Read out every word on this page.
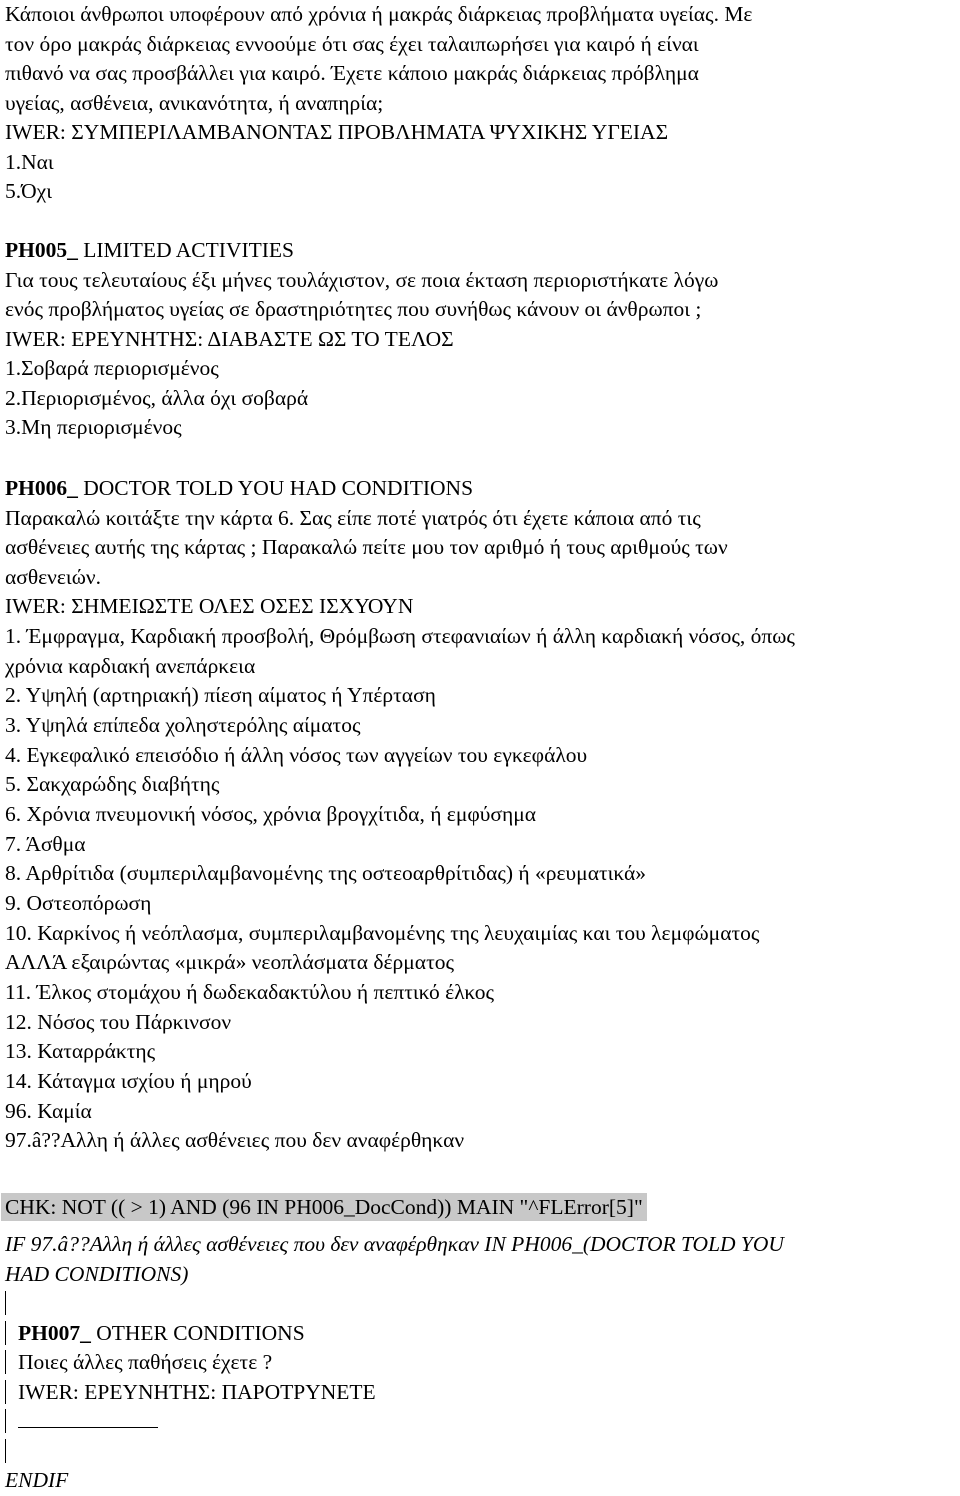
Κάποιοι άνθρωποι υποφέρουν από χρόνια ή μακράς διάρκειας προβλήματα υγείας. Με
τον όρο μακράς διάρκειας εννοούμε ότι σας έχει ταλαιπωρήσει για καιρό ή είναι
πιθανό να σας προσβάλλει για καιρό. Έχετε κάποιο μακράς διάρκειας πρόβλημα
υγείας, ασθένεια, ανικανότητα, ή αναπηρία;
IWER: ΣΥΜΠΕΡΙΛΑΜΒΑΝΟΝΤΑΣ ΠΡΟΒΛΗΜΑΤΑ ΨΥΧΙΚΗΣ ΥΓΕΙΑΣ
1.Ναι
5.Όχι
PH005_ LIMITED ACTIVITIES
Για τους τελευταίους έξι μήνες τουλάχιστον, σε ποια έκταση περιοριστήκατε λόγω
ενός προβλήματος υγείας σε δραστηριότητες που συνήθως κάνουν οι άνθρωποι ;
IWER: ΕΡΕΥΝΗΤΗΣ: ΔΙΑΒΑΣΤΕ ΩΣ ΤΟ ΤΕΛΟΣ
1.Σοβαρά περιορισμένος
2.Περιορισμένος, άλλα όχι σοβαρά
3.Μη περιορισμένος
PH006_ DOCTOR TOLD YOU HAD CONDITIONS
Παρακαλώ κοιτάξτε την κάρτα 6. Σας είπε ποτέ γιατρός ότι έχετε κάποια από τις
ασθένειες αυτής της κάρτας ; Παρακαλώ πείτε μου τον αριθμό ή τους αριθμούς των
ασθενειών.
IWER: ΣΗΜΕΙΩΣΤΕ ΟΛΕΣ ΟΣΕΣ ΙΣΧΥΟΥΝ
1. Έμφραγμα, Καρδιακή προσβολή, Θρόμβωση στεφανιαίων ή άλλη καρδιακή νόσος, όπως
χρόνια καρδιακή ανεπάρκεια
2. Υψηλή (αρτηριακή) πίεση αίματος ή Υπέρταση
3. Υψηλά επίπεδα χοληστερόλης αίματος
4. Εγκεφαλικό επεισόδιο ή άλλη νόσος των αγγείων του εγκεφάλου
5. Σακχαρώδης διαβήτης
6. Χρόνια πνευμονική νόσος, χρόνια βρογχίτιδα, ή εμφύσημα
7. Άσθμα
8. Αρθρίτιδα (συμπεριλαμβανομένης της οστεοαρθρίτιδας) ή «ρευματικά»
9. Οστεοπόρωση
10. Καρκίνος ή νεόπλασμα, συμπεριλαμβανομένης της λευχαιμίας και του λεμφώματος
ΑΛΛΆ εξαιρώντας «μικρά» νεοπλάσματα δέρματος
11. Έλκος στομάχου ή δωδεκαδακτύλου ή πεπτικό έλκος
12. Νόσος του Πάρκινσον
13. Καταρράκτης
14. Κάταγμα ισχίου ή μηρού
96. Καμία
97.â??Αλλη ή άλλες ασθένειες που δεν αναφέρθηκαν
CHK: NOT (( > 1) AND (96 IN PH006_DocCond)) MAIN "^FLError[5]"
IF 97.â??Αλλη ή άλλες ασθένειες που δεν αναφέρθηκαν IN PH006_(DOCTOR TOLD YOU
HAD CONDITIONS)
PH007_ OTHER CONDITIONS
Ποιες άλλες παθήσεις έχετε ?
IWER: ΕΡΕΥΝΗΤΗΣ: ΠΑΡΟΤΡΥΝΕΤΕ
ENDIF
